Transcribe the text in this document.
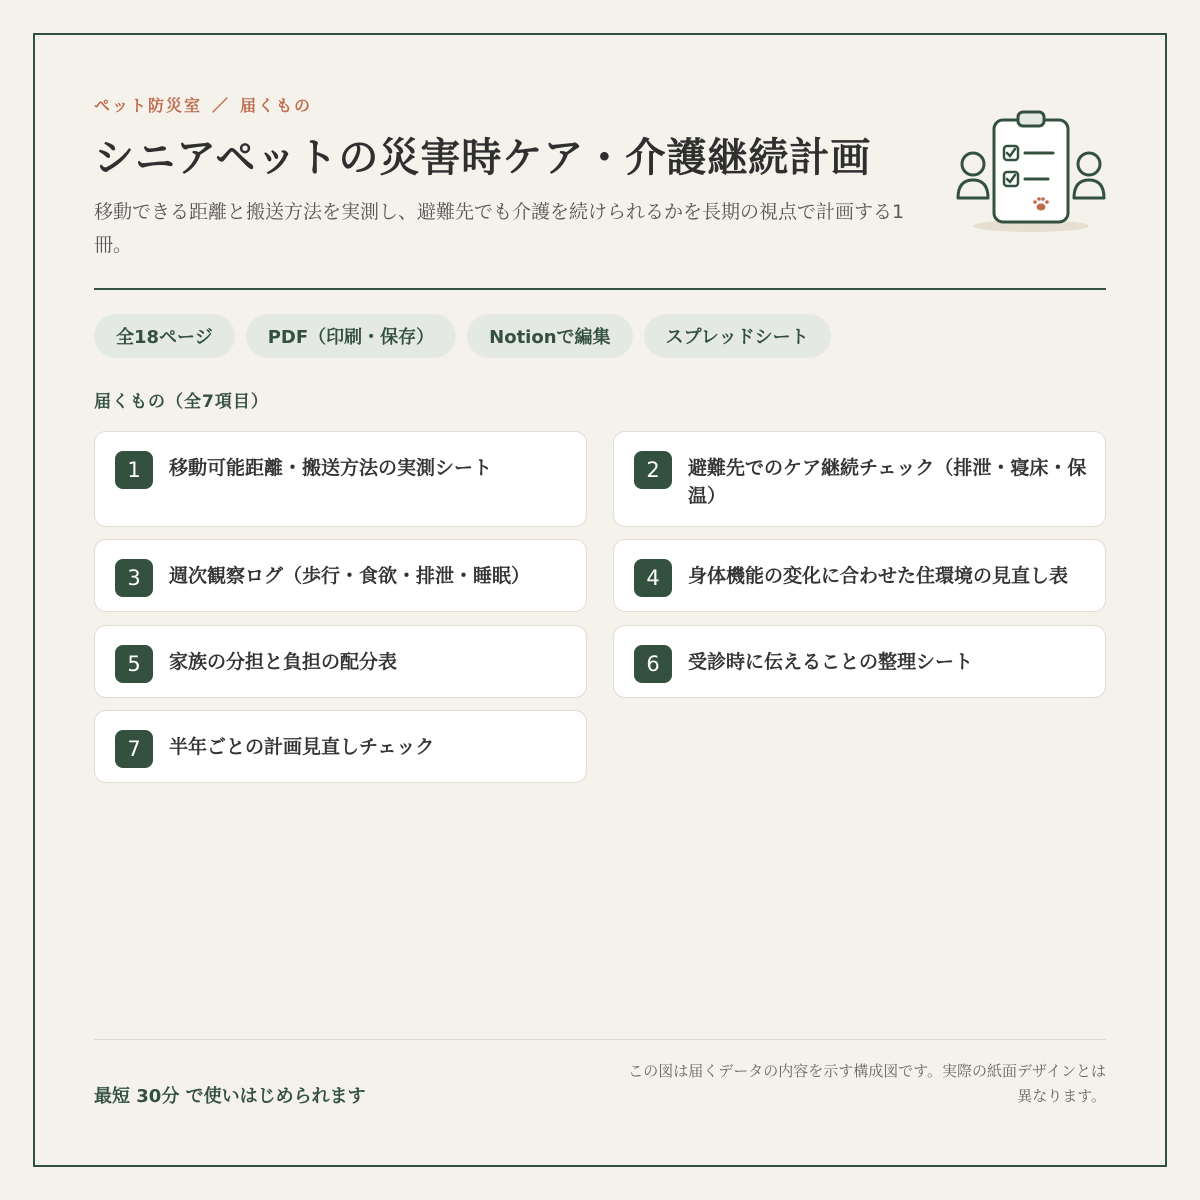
ペット防災室 ／ 届くもの
シニアペットの災害時ケア・介護継続計画

移動できる距離と搬送方法を実測し、避難先でも介護を続けられるかを長期の視点で計画する1冊。

全18ページ	PDF（印刷・保存）	Notionで編集	スプレッドシート
届くもの（全7項目）
1	移動可能距離・搬送方法の実測シート	2	避難先でのケア継続チェック（排泄・寝床・保温）
3	週次観察ログ（歩行・食欲・排泄・睡眠）	4	身体機能の変化に合わせた住環境の見直し表
5	家族の分担と負担の配分表	6	受診時に伝えることの整理シート
7	半年ごとの計画見直しチェック
最短 30分 で使いはじめられます
この図は届くデータの内容を示す構成図です。実際の紙面デザインとは異なります。
